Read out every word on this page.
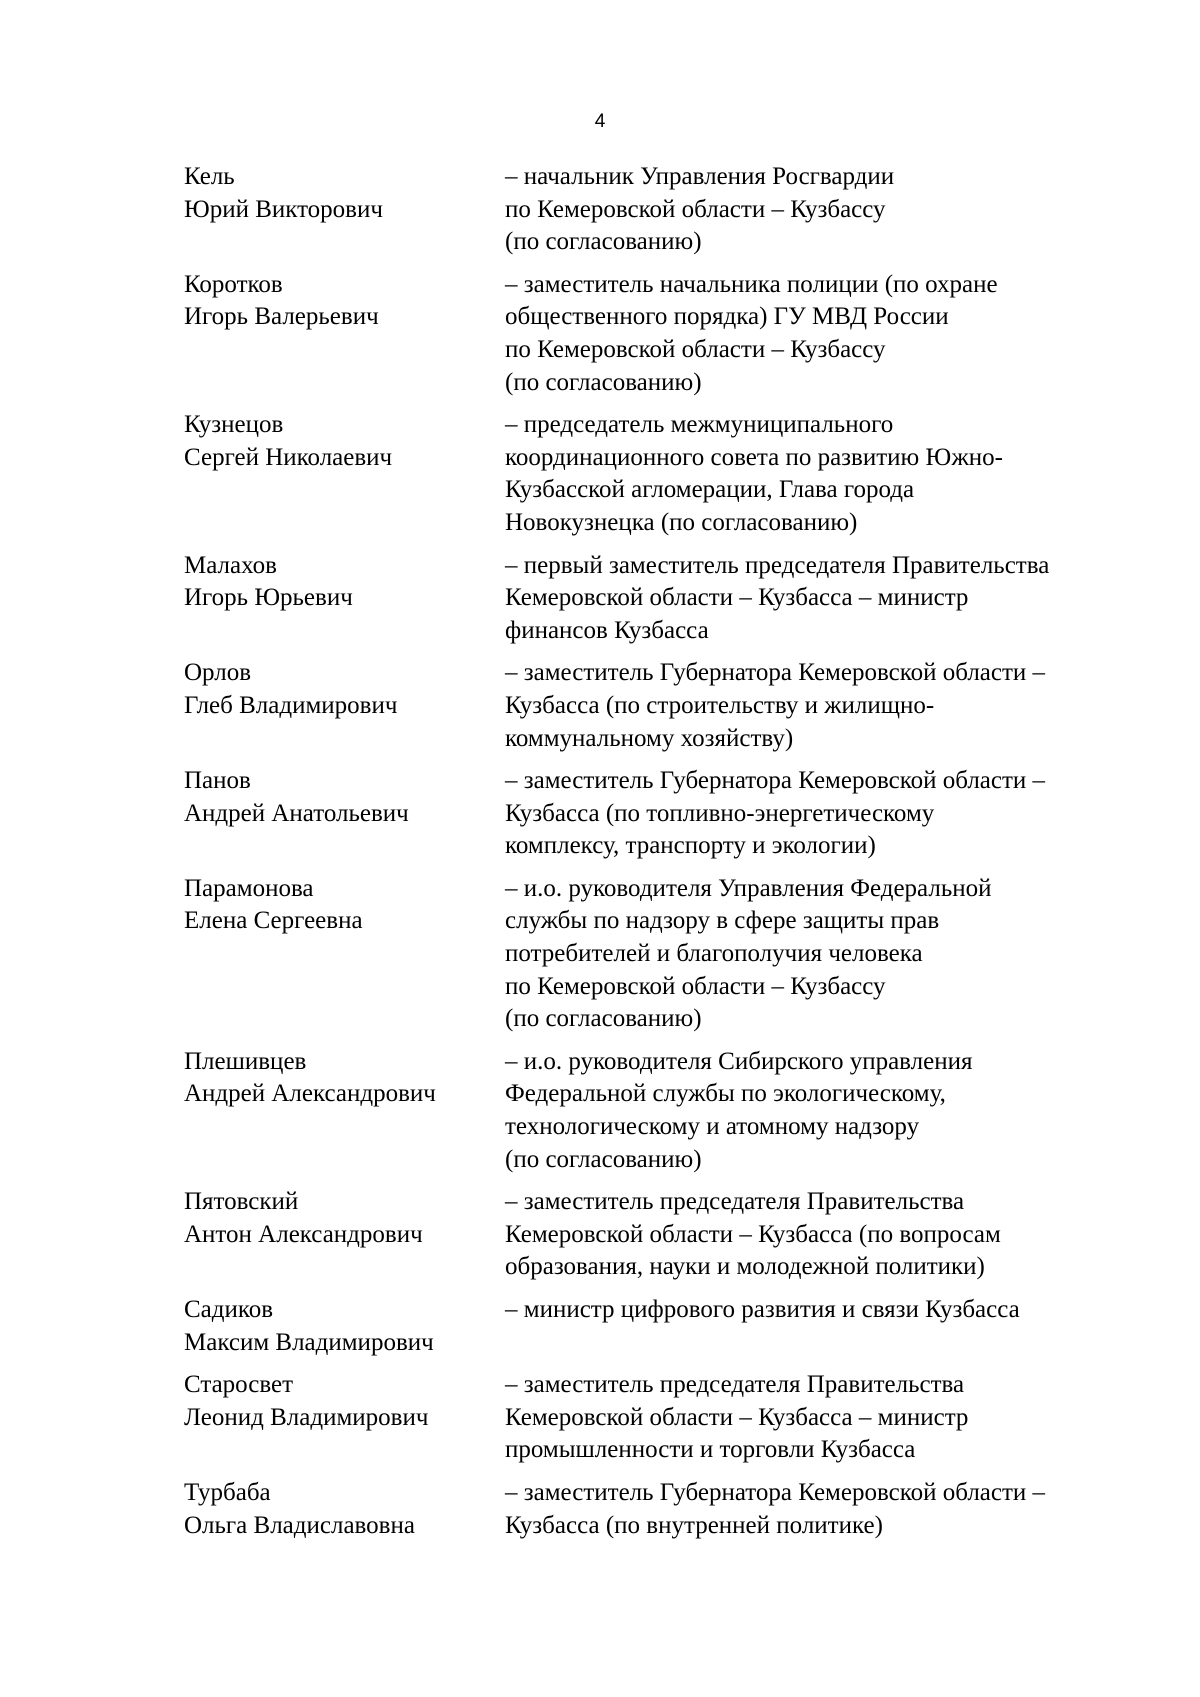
4
Кель
Юрий Викторович
– начальник Управления Росгвардии
по Кемеровской области – Кузбассу
(по согласованию)
Коротков
Игорь Валерьевич
– заместитель начальника полиции (по охране
общественного порядка) ГУ МВД России
по Кемеровской области – Кузбассу
(по согласованию)
Кузнецов
Сергей Николаевич
– председатель межмуниципального
координационного совета по развитию Южно-
Кузбасской агломерации, Глава города
Новокузнецка (по согласованию)
Малахов
Игорь Юрьевич
– первый заместитель председателя Правительства
Кемеровской области – Кузбасса – министр
финансов Кузбасса
Орлов
Глеб Владимирович
– заместитель Губернатора Кемеровской области –
Кузбасса (по строительству и жилищно-
коммунальному хозяйству)
Панов
Андрей Анатольевич
– заместитель Губернатора Кемеровской области –
Кузбасса (по топливно-энергетическому
комплексу, транспорту и экологии)
Парамонова
Елена Сергеевна
– и.о. руководителя Управления Федеральной
службы по надзору в сфере защиты прав
потребителей и благополучия человека
по Кемеровской области – Кузбассу
(по согласованию)
Плешивцев
Андрей Александрович
– и.о. руководителя Сибирского управления
Федеральной службы по экологическому,
технологическому и атомному надзору
(по согласованию)
Пятовский
Антон Александрович
– заместитель председателя Правительства
Кемеровской области – Кузбасса (по вопросам
образования, науки и молодежной политики)
Садиков
Максим Владимирович
– министр цифрового развития и связи Кузбасса
Старосвет
Леонид Владимирович
– заместитель председателя Правительства
Кемеровской области – Кузбасса – министр
промышленности и торговли Кузбасса
Турбаба
Ольга Владиславовна
– заместитель Губернатора Кемеровской области –
Кузбасса (по внутренней политике)
